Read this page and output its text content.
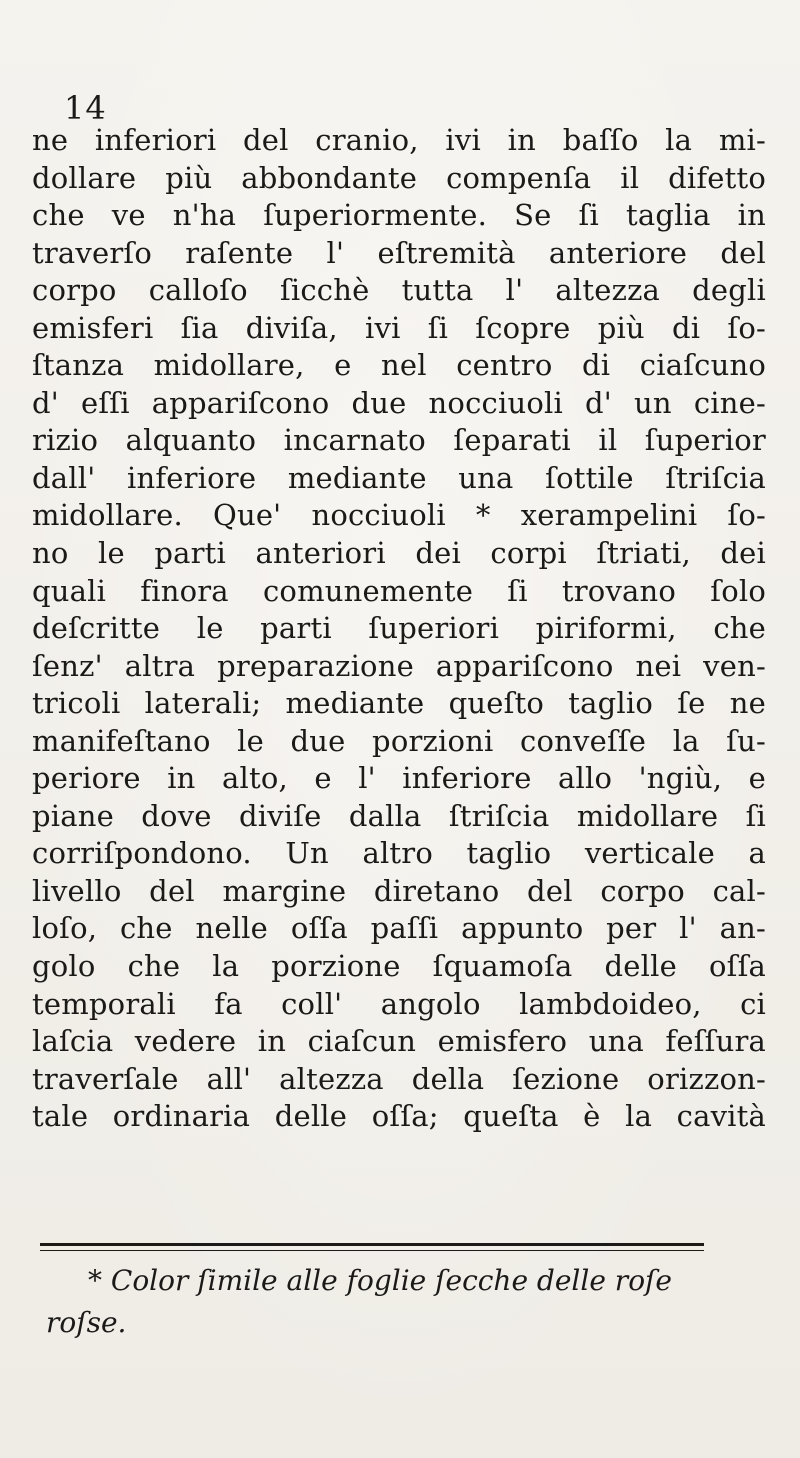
14
ne inferiori del cranio, ivi in baſſo la mi-
dollare più abbondante compenſa il difetto
che ve n'ha ſuperiormente. Se ſi taglia in
traverſo raſente l' eſtremità anteriore del
corpo calloſo ſicchè tutta l' altezza degli
emisferi ſia diviſa, ivi ſi ſcopre più di ſo-
ſtanza midollare, e nel centro di ciaſcuno
d' eſſi appariſcono due nocciuoli d' un cine-
rizio alquanto incarnato ſeparati il ſuperior
dall' inferiore mediante una ſottile ſtriſcia
midollare. Que' nocciuoli * xerampelini ſo-
no le parti anteriori dei corpi ſtriati, dei
quali finora comunemente ſi trovano ſolo
deſcritte le parti ſuperiori piriformi, che
ſenz' altra preparazione appariſcono nei ven-
tricoli laterali; mediante queſto taglio ſe ne
manifeſtano le due porzioni conveſſe la ſu-
periore in alto, e l' inferiore allo 'ngiù, e
piane dove diviſe dalla ſtriſcia midollare ſi
corriſpondono. Un altro taglio verticale a
livello del margine diretano del corpo cal-
loſo, che nelle oſſa paſſi appunto per l' an-
golo che la porzione ſquamoſa delle oſſa
temporali fa coll' angolo lambdoideo, ci
laſcia vedere in ciaſcun emisfero una feſſura
traverſale all' altezza della ſezione orizzon-
tale ordinaria delle oſſa; queſta è la cavità
* Color ſimile alle foglie ſecche delle roſe
roſse.
